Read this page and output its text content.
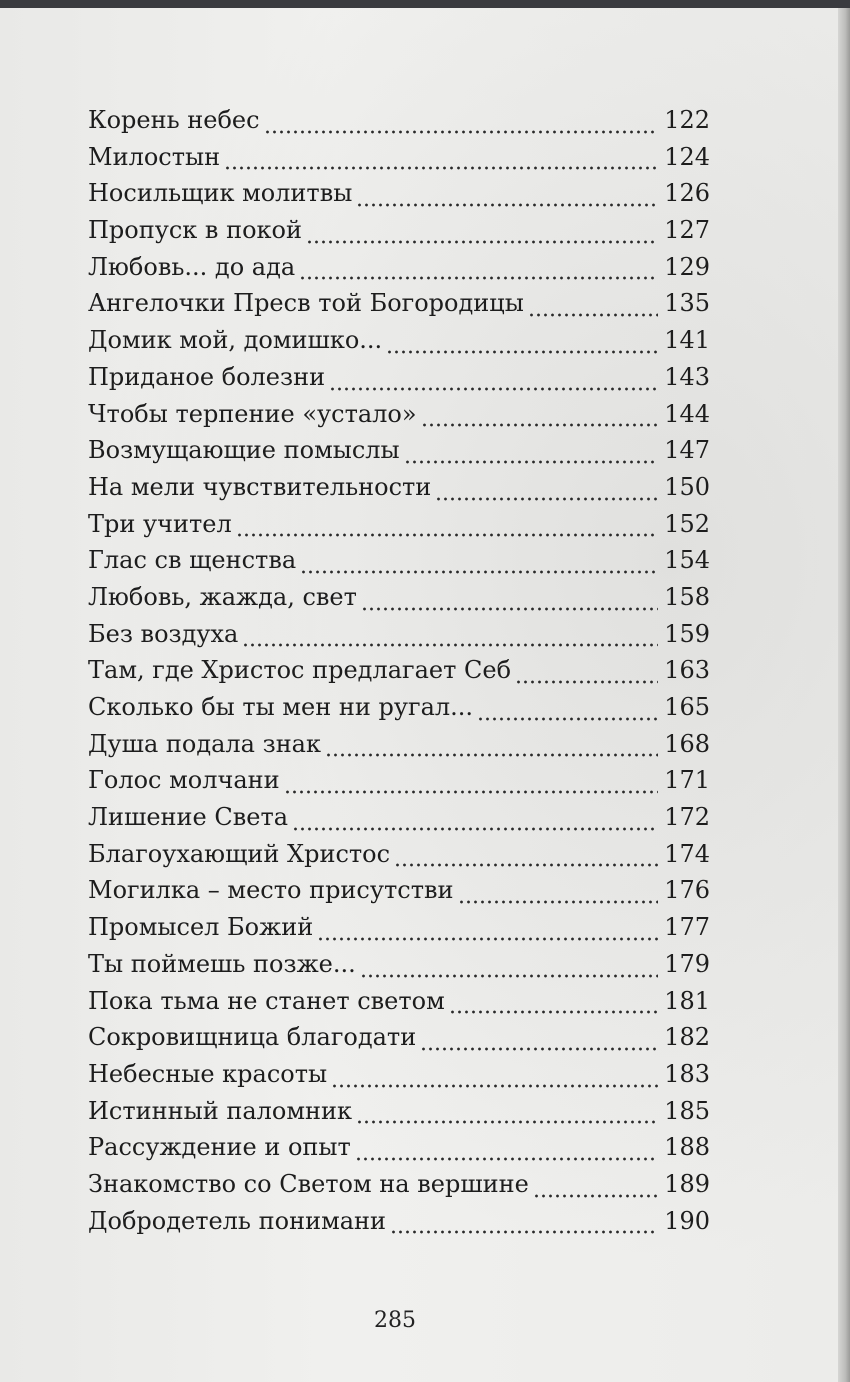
Корень небес	122
Милостын	124
Носильщик молитвы	126
Пропуск в покой	127
Любовь... до ада	129
Ангелочки Пресв той Богородицы	135
Домик мой, домишко...	141
Приданое болезни	143
Чтобы терпение «устало»	144
Возмущающие помыслы	147
На мели чувствительности	150
Три учител	152
Глас св щенства	154
Любовь, жажда, свет	158
Без воздуха	159
Там, где Христос предлагает Себ	163
Сколько бы ты мен ни ругал...	165
Душа подала знак	168
Голос молчани	171
Лишение Света	172
Благоухающий Христос	174
Могилка – место присутстви	176
Промысел Божий	177
Ты поймешь позже...	179
Пока тьма не станет светом	181
Сокровищница благодати	182
Небесные красоты	183
Истинный паломник	185
Рассуждение и опыт	188
Знакомство со Светом на вершине	189
Добродетель понимани	190
285
